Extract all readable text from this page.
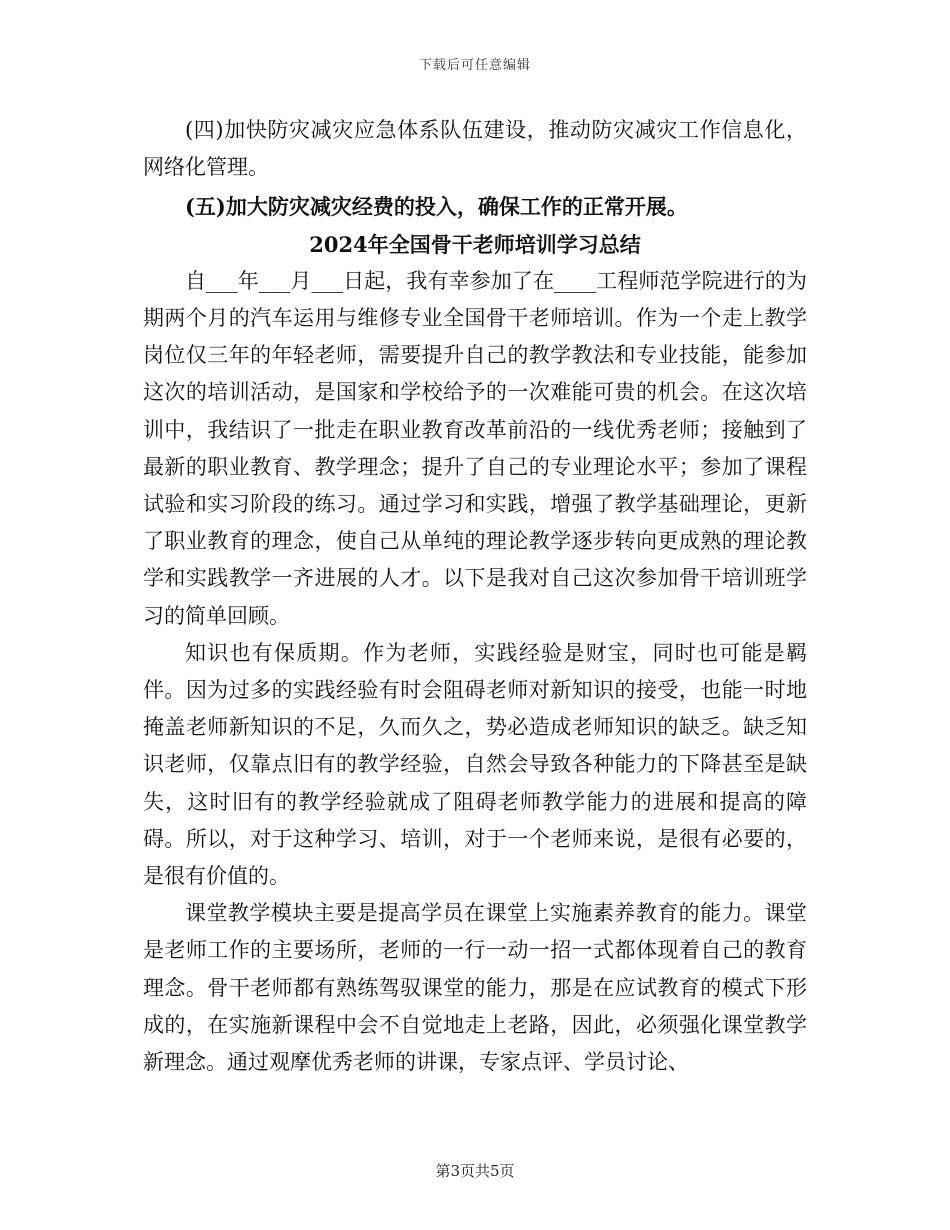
下载后可任意编辑

(四)加快防灾减灾应急体系队伍建设，推动防灾减灾工作信息化，网络化管理。

(五)加大防灾减灾经费的投入，确保工作的正常开展。

2024年全国骨干老师培训学习总结

自___年___月___日起，我有幸参加了在____工程师范学院进行的为期两个月的汽车运用与维修专业全国骨干老师培训。作为一个走上教学岗位仅三年的年轻老师，需要提升自己的教学教法和专业技能，能参加这次的培训活动，是国家和学校给予的一次难能可贵的机会。在这次培训中，我结识了一批走在职业教育改革前沿的一线优秀老师；接触到了最新的职业教育、教学理念；提升了自己的专业理论水平；参加了课程试验和实习阶段的练习。通过学习和实践，增强了教学基础理论，更新了职业教育的理念，使自己从单纯的理论教学逐步转向更成熟的理论教学和实践教学一齐进展的人才。以下是我对自己这次参加骨干培训班学习的简单回顾。

知识也有保质期。作为老师，实践经验是财宝，同时也可能是羁伴。因为过多的实践经验有时会阻碍老师对新知识的接受，也能一时地掩盖老师新知识的不足，久而久之，势必造成老师知识的缺乏。缺乏知识老师，仅靠点旧有的教学经验，自然会导致各种能力的下降甚至是缺失，这时旧有的教学经验就成了阻碍老师教学能力的进展和提高的障碍。所以，对于这种学习、培训，对于一个老师来说，是很有必要的，是很有价值的。

课堂教学模块主要是提高学员在课堂上实施素养教育的能力。课堂是老师工作的主要场所，老师的一行一动一招一式都体现着自己的教育理念。骨干老师都有熟练驾驭课堂的能力，那是在应试教育的模式下形成的，在实施新课程中会不自觉地走上老路，因此，必须强化课堂教学新理念。通过观摩优秀老师的讲课，专家点评、学员讨论、

第3页共5页
